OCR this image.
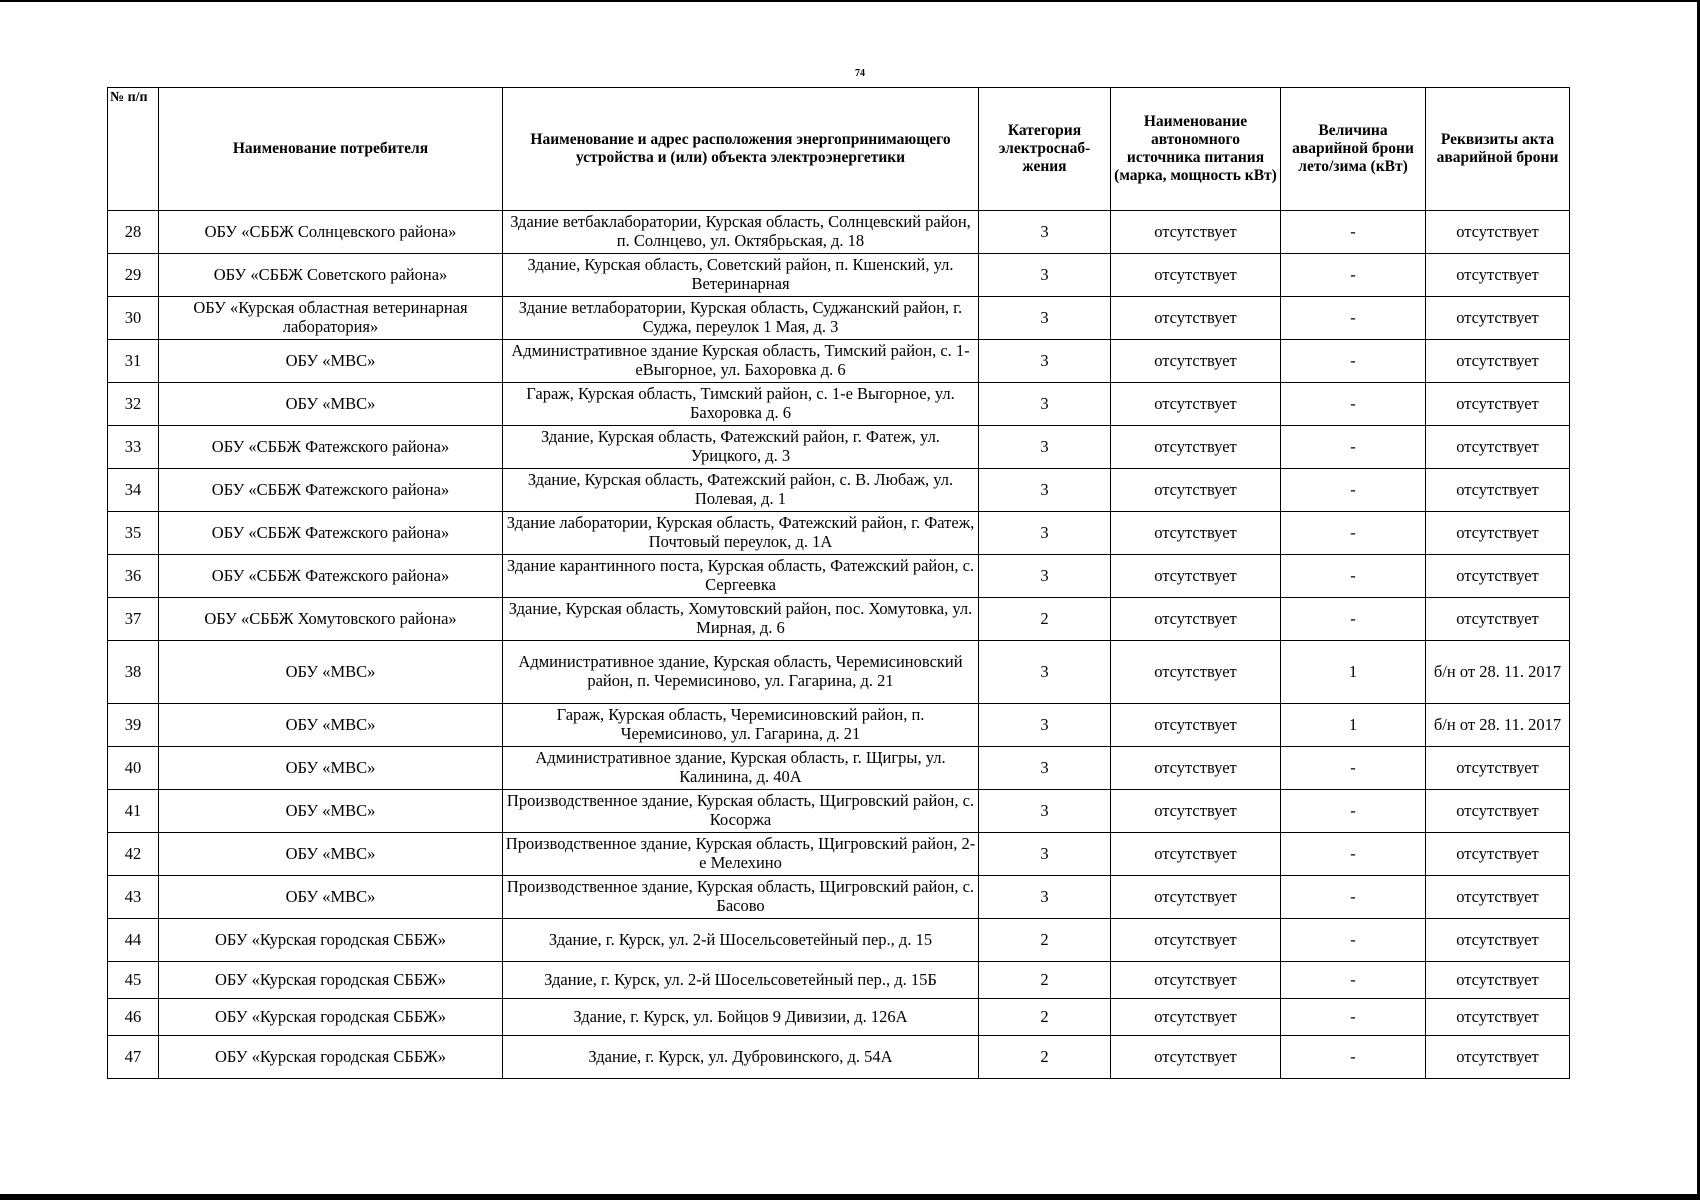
74
№ п/п	Наименование потребителя	Наименование и адрес расположения энергопринимающего устройства и (или) объекта электроэнергетики	Категория электроснаб-жения	Наименование автономного источника питания (марка, мощность кВт)	Величина аварийной брони лето/зима (кВт)	Реквизиты акта аварийной брони
28	ОБУ «СББЖ Солнцевского района»	Здание ветбаклаборатории, Курская область, Солнцевский район, п. Солнцево, ул. Октябрьская, д. 18	3	отсутствует	-	отсутствует
29	ОБУ «СББЖ Советского района»	Здание, Курская область, Советский район, п. Кшенский, ул. Ветеринарная	3	отсутствует	-	отсутствует
30	ОБУ «Курская областная ветеринарная лаборатория»	Здание ветлаборатории, Курская область, Суджанский район, г. Суджа, переулок 1 Мая, д. 3	3	отсутствует	-	отсутствует
31	ОБУ «МВС»	Административное здание Курская область, Тимский район, с. 1-еВыгорное, ул. Бахоровка д. 6	3	отсутствует	-	отсутствует
32	ОБУ «МВС»	Гараж, Курская область, Тимский район, с. 1-е Выгорное, ул. Бахоровка д. 6	3	отсутствует	-	отсутствует
33	ОБУ «СББЖ Фатежского района»	Здание, Курская область, Фатежский район, г. Фатеж, ул. Урицкого, д. 3	3	отсутствует	-	отсутствует
34	ОБУ «СББЖ Фатежского района»	Здание, Курская область, Фатежский район, с. В. Любаж, ул. Полевая, д. 1	3	отсутствует	-	отсутствует
35	ОБУ «СББЖ Фатежского района»	Здание лаборатории, Курская область, Фатежский район, г. Фатеж, Почтовый переулок, д. 1А	3	отсутствует	-	отсутствует
36	ОБУ «СББЖ Фатежского района»	Здание карантинного поста, Курская область, Фатежский район, с. Сергеевка	3	отсутствует	-	отсутствует
37	ОБУ «СББЖ Хомутовского района»	Здание, Курская область, Хомутовский район, пос. Хомутовка, ул. Мирная, д. 6	2	отсутствует	-	отсутствует
38	ОБУ «МВС»	Административное здание, Курская область, Черемисиновский район, п. Черемисиново, ул. Гагарина, д. 21	3	отсутствует	1	б/н от 28. 11. 2017
39	ОБУ «МВС»	Гараж, Курская область, Черемисиновский район, п. Черемисиново, ул. Гагарина, д. 21	3	отсутствует	1	б/н от 28. 11. 2017
40	ОБУ «МВС»	Административное здание, Курская область, г. Щигры, ул. Калинина, д. 40А	3	отсутствует	-	отсутствует
41	ОБУ «МВС»	Производственное здание, Курская область, Щигровский район, с. Косоржа	3	отсутствует	-	отсутствует
42	ОБУ «МВС»	Производственное здание, Курская область, Щигровский район, 2-е Мелехино	3	отсутствует	-	отсутствует
43	ОБУ «МВС»	Производственное здание, Курская область, Щигровский район, с. Басово	3	отсутствует	-	отсутствует
44	ОБУ «Курская городская СББЖ»	Здание, г. Курск, ул. 2-й Шосельсоветейный пер., д. 15	2	отсутствует	-	отсутствует
45	ОБУ «Курская городская СББЖ»	Здание, г. Курск, ул. 2-й Шосельсоветейный пер., д. 15Б	2	отсутствует	-	отсутствует
46	ОБУ «Курская городская СББЖ»	Здание, г. Курск, ул. Бойцов 9 Дивизии, д. 126А	2	отсутствует	-	отсутствует
47	ОБУ «Курская городская СББЖ»	Здание, г. Курск, ул. Дубровинского, д. 54А	2	отсутствует	-	отсутствует
